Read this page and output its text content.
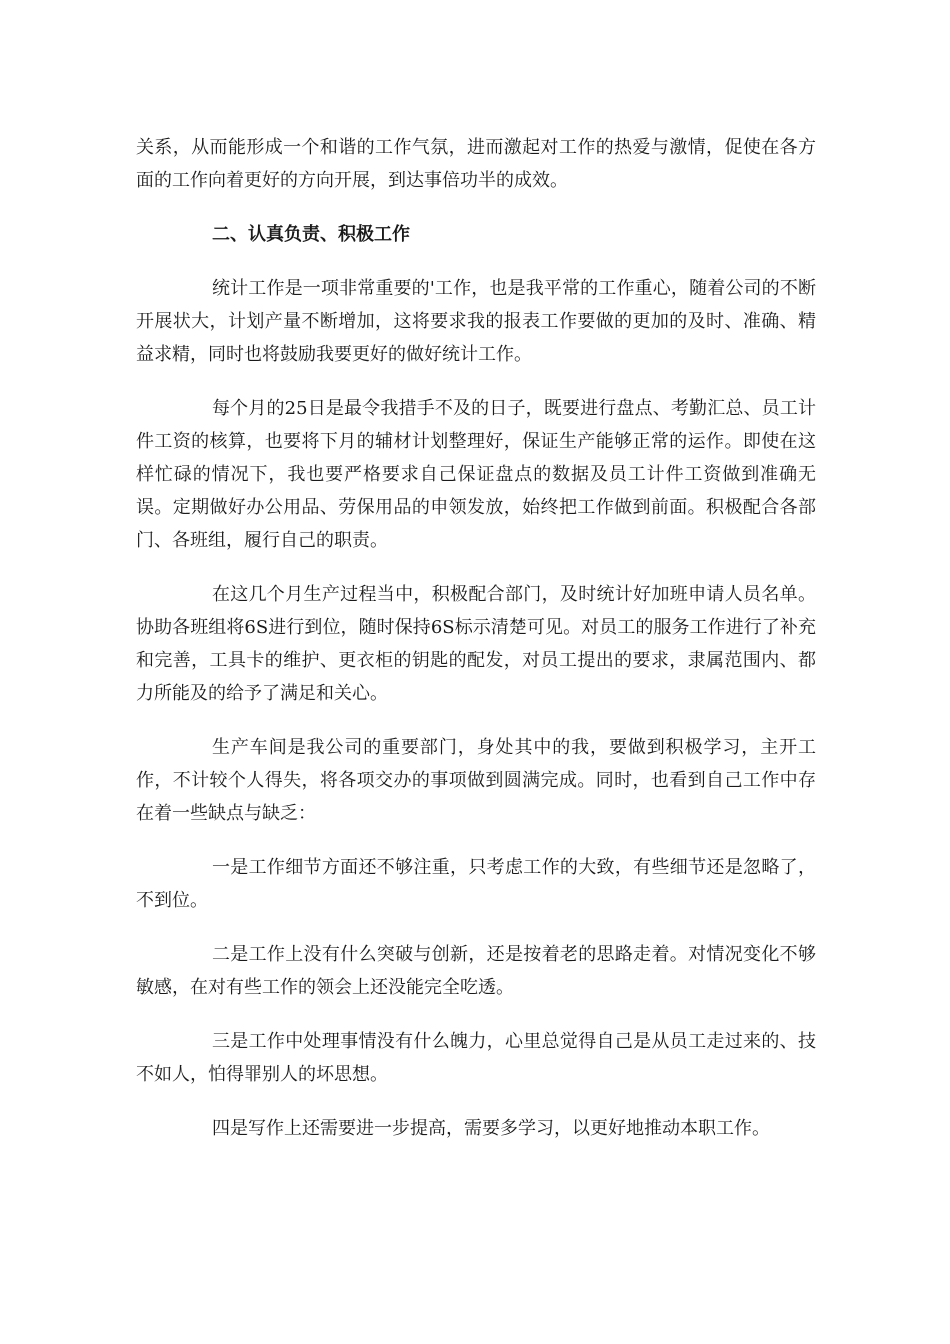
关系，从而能形成一个和谐的工作气氛，进而激起对工作的热爱与激情，促使在各方面的工作向着更好的方向开展，到达事倍功半的成效。

二、认真负责、积极工作

统计工作是一项非常重要的'工作，也是我平常的工作重心，随着公司的不断开展状大，计划产量不断增加，这将要求我的报表工作要做的更加的及时、准确、精益求精，同时也将鼓励我要更好的做好统计工作。

每个月的25日是最令我措手不及的日子，既要进行盘点、考勤汇总、员工计件工资的核算，也要将下月的辅材计划整理好，保证生产能够正常的运作。即使在这样忙碌的情况下，我也要严格要求自己保证盘点的数据及员工计件工资做到准确无误。定期做好办公用品、劳保用品的申领发放，始终把工作做到前面。积极配合各部门、各班组，履行自己的职责。

在这几个月生产过程当中，积极配合部门，及时统计好加班申请人员名单。协助各班组将6S进行到位，随时保持6S标示清楚可见。对员工的服务工作进行了补充和完善，工具卡的维护、更衣柜的钥匙的配发，对员工提出的要求，隶属范围内、都力所能及的给予了满足和关心。

生产车间是我公司的重要部门，身处其中的我，要做到积极学习，主开工作，不计较个人得失，将各项交办的事项做到圆满完成。同时，也看到自己工作中存在着一些缺点与缺乏：

一是工作细节方面还不够注重，只考虑工作的大致，有些细节还是忽略了，不到位。

二是工作上没有什么突破与创新，还是按着老的思路走着。对情况变化不够敏感，在对有些工作的领会上还没能完全吃透。

三是工作中处理事情没有什么魄力，心里总觉得自己是从员工走过来的、技不如人，怕得罪别人的坏思想。

四是写作上还需要进一步提高，需要多学习，以更好地推动本职工作。
